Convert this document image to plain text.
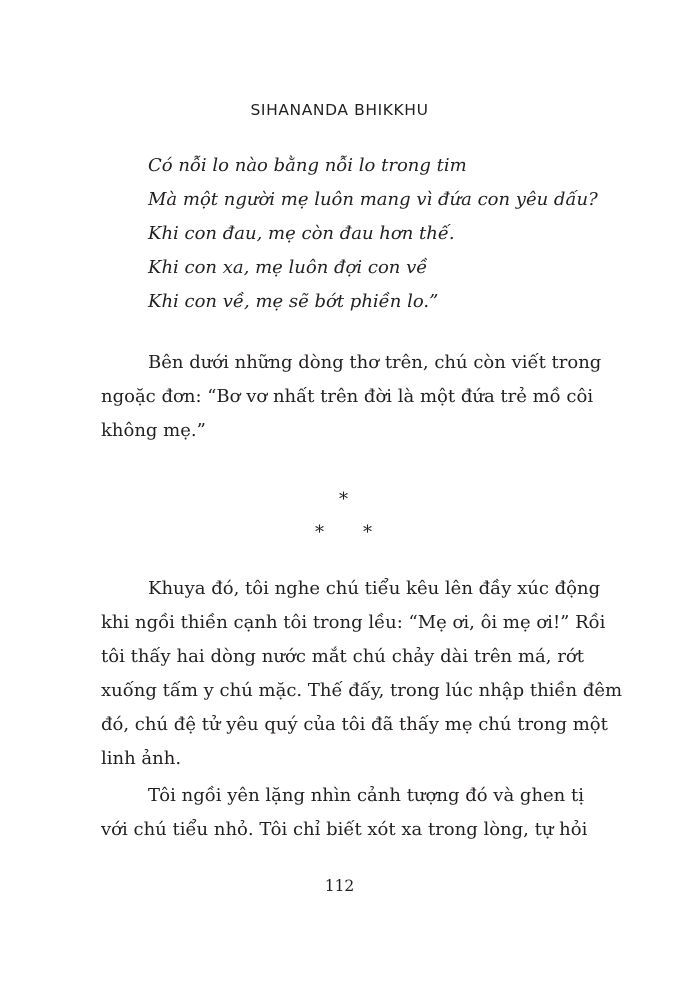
SIHANANDA BHIKKHU
Có nỗi lo nào bằng nỗi lo trong tim
Mà một người mẹ luôn mang vì đứa con yêu dấu?
Khi con đau, mẹ còn đau hơn thế.
Khi con xa, mẹ luôn đợi con về
Khi con về, mẹ sẽ bớt phiền lo.”
Bên dưới những dòng thơ trên, chú còn viết trong
ngoặc đơn: “Bơ vơ nhất trên đời là một đứa trẻ mồ côi
không mẹ.”
*
* *
Khuya đó, tôi nghe chú tiểu kêu lên đầy xúc động
khi ngồi thiền cạnh tôi trong lều: “Mẹ ơi, ôi mẹ ơi!” Rồi
tôi thấy hai dòng nước mắt chú chảy dài trên má, rớt
xuống tấm y chú mặc. Thế đấy, trong lúc nhập thiền đêm
đó, chú đệ tử yêu quý của tôi đã thấy mẹ chú trong một
linh ảnh.
Tôi ngồi yên lặng nhìn cảnh tượng đó và ghen tị
với chú tiểu nhỏ. Tôi chỉ biết xót xa trong lòng, tự hỏi
112
